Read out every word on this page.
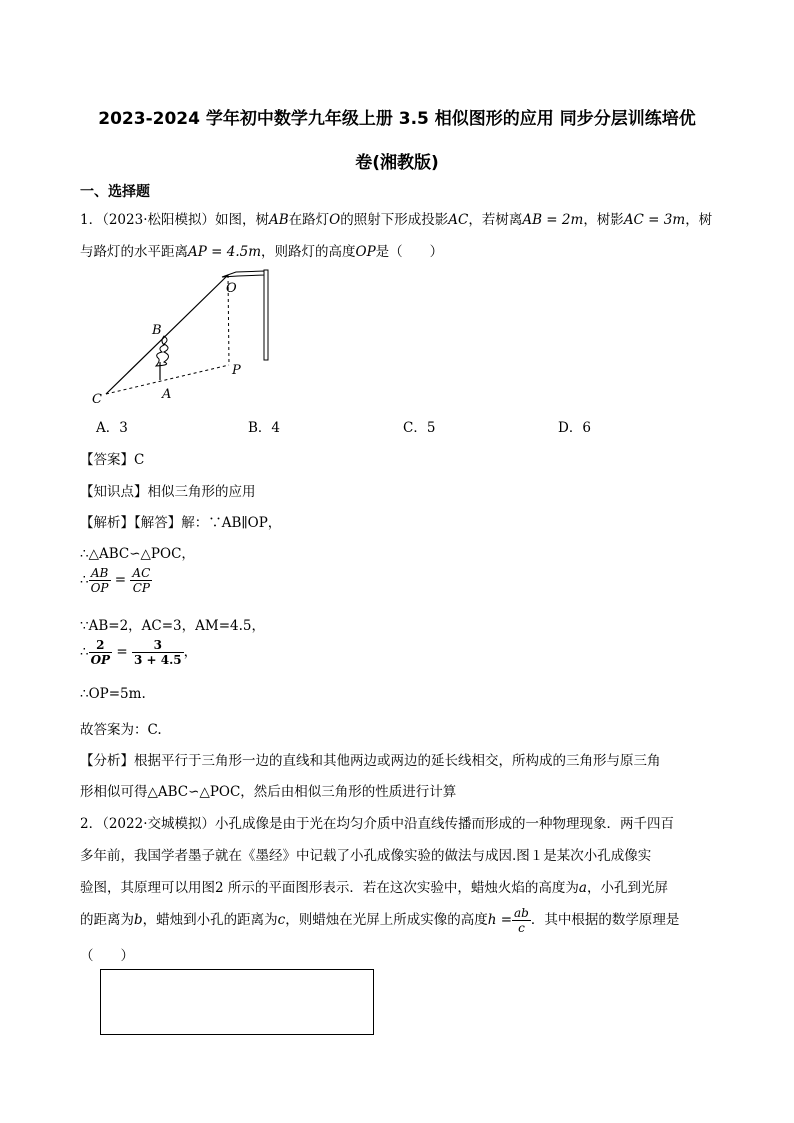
2023-2024 学年初中数学九年级上册 3.5 相似图形的应用 同步分层训练培优
卷(湘教版)
一、选择题
1．（2023·松阳模拟）如图，树AB在路灯O的照射下形成投影AC，若树离AB = 2m，树影AC = 3m，树
与路灯的水平距离AP = 4.5m，则路灯的高度OP是（　　）
O
B
P
A
C
A．3	B．4	C．5	D．6
【答案】C
【知识点】相似三角形的应用
【解析】【解答】解：∵AB∥OP，
∴△ABC∽△POC，
∴ $\frac{AB}{OP} = \frac{AC}{CP}$
∵AB=2，AC=3，AM=4.5，
∴ $\frac{2}{OP} = \frac{3}{3 + 4.5}$ ，
∴OP=5m.
故答案为：C.
【分析】根据平行于三角形一边的直线和其他两边或两边的延长线相交，所构成的三角形与原三角
形相似可得△ABC∽△POC，然后由相似三角形的性质进行计算
2．（2022·交城模拟）小孔成像是由于光在均匀介质中沿直线传播而形成的一种物理现象．两千四百
多年前，我国学者墨子就在《墨经》中记载了小孔成像实验的做法与成因.图１是某次小孔成像实
验图，其原理可以用图2 所示的平面图形表示．若在这次实验中，蜡烛火焰的高度为a，小孔到光屏
的距离为b，蜡烛到小孔的距离为c，则蜡烛在光屏上所成实像的高度$h = \frac{ab}{c}$ ．其中根据的数学原理是
（　　）
